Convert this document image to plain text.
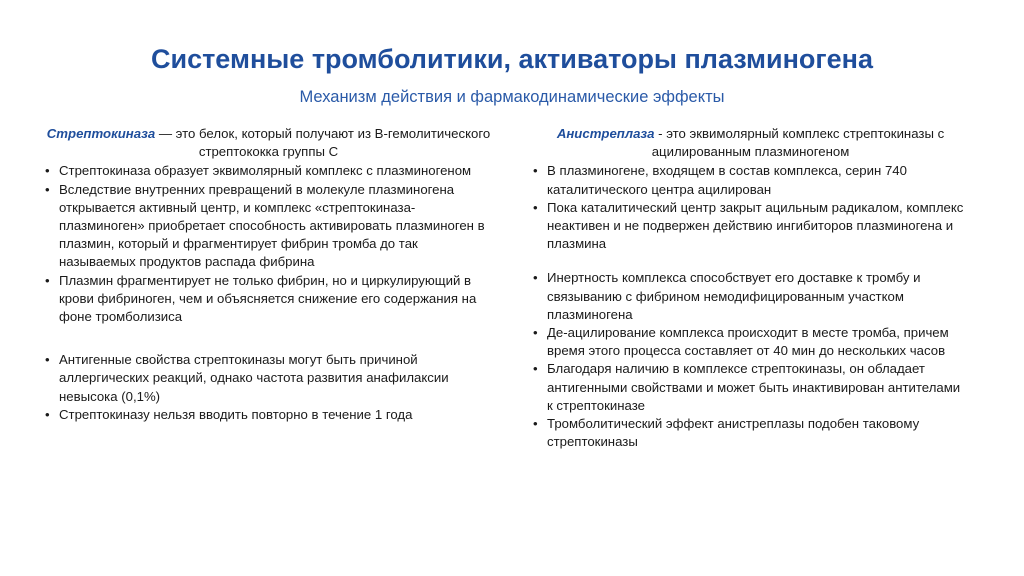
Системные тромболитики, активаторы плазминогена
Механизм действия и фармакодинамические эффекты

Стрептокиназа — это белок, который получают из B-гемолитического стрептококка группы С

• Стрептокиназа образует эквимолярный комплекс с плазминогеном
• Вследствие внутренних превращений в молекуле плазминогена открывается активный центр, и комплекс «стрептокиназа-плазминоген» приобретает способность активировать плазминоген в плазмин, который и фрагментирует фибрин тромба до так называемых продуктов распада фибрина
• Плазмин фрагментирует не только фибрин, но и циркулирующий в крови фибриноген, чем и объясняется снижение его содержания на фоне тромболизиса
• Антигенные свойства стрептокиназы могут быть причиной аллергических реакций, однако частота развития анафилаксии невысока (0,1%)
• Стрептокиназу нельзя вводить повторно в течение 1 года

Анистреплаза - это эквимолярный комплекс стрептокиназы с ацилированным плазминогеном

• В плазминогене, входящем в состав комплекса, серин 740 каталитического центра ацилирован
• Пока каталитический центр закрыт ацильным радикалом, комплекс неактивен и не подвержен действию ингибиторов плазминогена и плазмина
• Инертность комплекса способствует его доставке к тромбу и связыванию с фибрином немодифицированным участком плазминогена
• Де-ацилирование комплекса происходит в месте тромба, причем время этого процесса составляет от 40 мин до нескольких часов
• Благодаря наличию в комплексе стрептокиназы, он обладает антигенными свойствами и может быть инактивирован антителами к стрептокиназе
• Тромболитический эффект анистреплазы подобен таковому стрептокиназы
